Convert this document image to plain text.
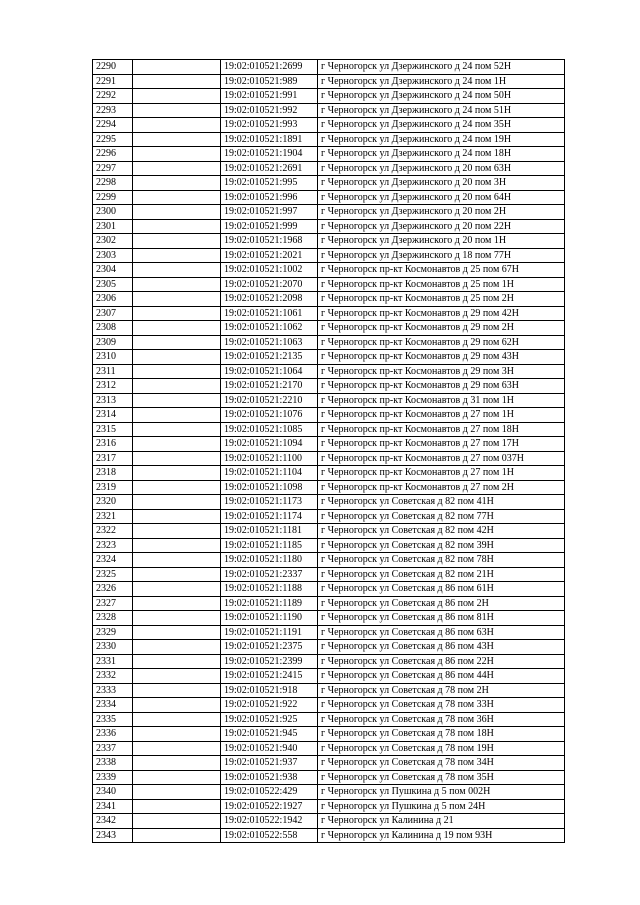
2290		19:02:010521:2699	г Черногорск ул Дзержинского д 24 пом 52Н
2291		19:02:010521:989	г Черногорск ул Дзержинского д 24 пом 1Н
2292		19:02:010521:991	г Черногорск ул Дзержинского д 24 пом 50Н
2293		19:02:010521:992	г Черногорск ул Дзержинского д 24 пом 51Н
2294		19:02:010521:993	г Черногорск ул Дзержинского д 24 пом 35Н
2295		19:02:010521:1891	г Черногорск ул Дзержинского д 24 пом 19Н
2296		19:02:010521:1904	г Черногорск ул Дзержинского д 24 пом 18Н
2297		19:02:010521:2691	г Черногорск ул Дзержинского д 20 пом 63Н
2298		19:02:010521:995	г Черногорск ул Дзержинского д 20 пом 3Н
2299		19:02:010521:996	г Черногорск ул Дзержинского д 20 пом 64Н
2300		19:02:010521:997	г Черногорск ул Дзержинского д 20 пом 2Н
2301		19:02:010521:999	г Черногорск ул Дзержинского д 20 пом 22Н
2302		19:02:010521:1968	г Черногорск ул Дзержинского д 20 пом 1Н
2303		19:02:010521:2021	г Черногорск ул Дзержинского д 18 пом 77Н
2304		19:02:010521:1002	г Черногорск пр-кт Космонавтов д 25 пом 67Н
2305		19:02:010521:2070	г Черногорск пр-кт Космонавтов д 25 пом 1Н
2306		19:02:010521:2098	г Черногорск пр-кт Космонавтов д 25 пом 2Н
2307		19:02:010521:1061	г Черногорск пр-кт Космонавтов д 29 пом 42Н
2308		19:02:010521:1062	г Черногорск пр-кт Космонавтов д 29 пом 2Н
2309		19:02:010521:1063	г Черногорск пр-кт Космонавтов д 29 пом 62Н
2310		19:02:010521:2135	г Черногорск пр-кт Космонавтов д 29 пом 43Н
2311		19:02:010521:1064	г Черногорск пр-кт Космонавтов д 29 пом 3Н
2312		19:02:010521:2170	г Черногорск пр-кт Космонавтов д 29 пом 63Н
2313		19:02:010521:2210	г Черногорск пр-кт Космонавтов д 31 пом 1Н
2314		19:02:010521:1076	г Черногорск пр-кт Космонавтов д 27 пом 1Н
2315		19:02:010521:1085	г Черногорск пр-кт Космонавтов д 27 пом 18Н
2316		19:02:010521:1094	г Черногорск пр-кт Космонавтов д 27 пом 17Н
2317		19:02:010521:1100	г Черногорск пр-кт Космонавтов д 27 пом 037Н
2318		19:02:010521:1104	г Черногорск пр-кт Космонавтов д 27 пом 1Н
2319		19:02:010521:1098	г Черногорск пр-кт Космонавтов д 27 пом 2Н
2320		19:02:010521:1173	г Черногорск ул Советская д 82 пом 41Н
2321		19:02:010521:1174	г Черногорск ул Советская д 82 пом 77Н
2322		19:02:010521:1181	г Черногорск ул Советская д 82 пом 42Н
2323		19:02:010521:1185	г Черногорск ул Советская д 82 пом 39Н
2324		19:02:010521:1180	г Черногорск ул Советская д 82 пом 78Н
2325		19:02:010521:2337	г Черногорск ул Советская д 82 пом 21Н
2326		19:02:010521:1188	г Черногорск ул Советская д 86 пом 61Н
2327		19:02:010521:1189	г Черногорск ул Советская д 86 пом 2Н
2328		19:02:010521:1190	г Черногорск ул Советская д 86 пом 81Н
2329		19:02:010521:1191	г Черногорск ул Советская д 86 пом 63Н
2330		19:02:010521:2375	г Черногорск ул Советская д 86 пом 43Н
2331		19:02:010521:2399	г Черногорск ул Советская д 86 пом 22Н
2332		19:02:010521:2415	г Черногорск ул Советская д 86 пом 44Н
2333		19:02:010521:918	г Черногорск ул Советская д 78 пом 2Н
2334		19:02:010521:922	г Черногорск ул Советская д 78 пом 33Н
2335		19:02:010521:925	г Черногорск ул Советская д 78 пом 36Н
2336		19:02:010521:945	г Черногорск ул Советская д 78 пом 18Н
2337		19:02:010521:940	г Черногорск ул Советская д 78 пом 19Н
2338		19:02:010521:937	г Черногорск ул Советская д 78 пом 34Н
2339		19:02:010521:938	г Черногорск ул Советская д 78 пом 35Н
2340		19:02:010522:429	г Черногорск ул Пушкина д 5 пом 002Н
2341		19:02:010522:1927	г Черногорск ул Пушкина д 5 пом 24Н
2342		19:02:010522:1942	г Черногорск ул Калинина д 21
2343		19:02:010522:558	г Черногорск ул Калинина д 19 пом 93Н
